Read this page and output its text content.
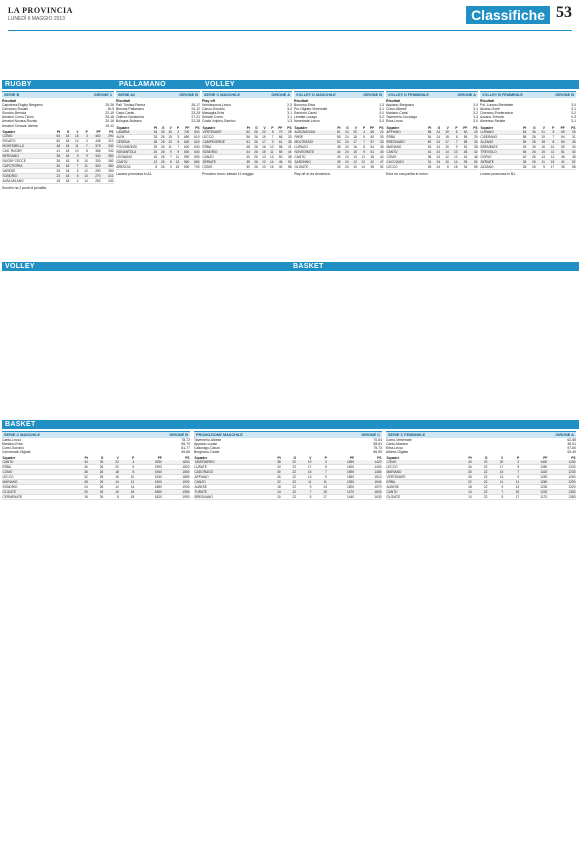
LA PROVINCIA
LUNEDÌ 6 MAGGIO 2013	Classifiche 53
RUGBY	PALLAMANO	VOLLEY
VOLLEY	BASKET
BASKET
SERIE B	GIRONE 1
Risultati
Capoterra-Rugby Bergamo	29-26
Cernusco-Rovato	16-9
Sondrio-Brescia	22-19
Amatori Como-Ticino	20-18
Amatori Novara-Rovato	20-16
Amatori Cenova-Varese	15-12
Squadre	Pt	G	V	P	PF	PS
COMO	64	18	15	3	460	290
ROVATO	60	18	14	4	445	310
MONTEBELLO	46	18	11	7	375	330
CAS. RUGBY	41	18	10	8	366	340
BERGAMO	38	18	9	9	340	350
RUGBY CECCE	36	18	8	10	330	360
CAPOTERRA	30	18	7	11	300	380
VARESE	28	18	6	12	290	390
SONDRIO	23	18	5	13	270	410
ALBA MILANO	18	18	4	14	250	430
Sondrio ha 2 punti di penalità.
SERIE A2	GIRONE B
Risultati
Pall. Tonisia-Parma	26-17
Brescia-Pallamano	24-12
Carpi-Cantù	23-25
Oderzo-Nonantola	27-21
Bologna-Bolzano	22-28
Squadre	Pt	G	V	P	PF	PS
LAVARIA	34	26	16	2	700	600
ALPA	33	26	15	3	690	610
CESENA	28	26	13	5	640	620
POGGIBONSI	25	26	11	7	620	630
NONANTOLA	20	26	9	9	600	640
LEGNANO	16	26	7	11	590	650
CANTÙ	12	26	5	13	560	680
BRESCIA	8	26	3	15	530	700
Lavaria promossa in A1.
SERIE C MASCHILE	GIRONE A
Play off
Verolanuova-Lecco	2-3
Canzo-Sondrio	3-0
Missaglia-Erba	3-1
Seriate-Como	3-1
Costa Volpino-Sarnico	1-3
Squadre	Pt	G	V	P	PF	PS
VERTEMATE	60	26	20	6	70	28
LECCO	56	26	19	7	66	33
CAMPEVERDE	51	26	17	9	61	38
ERBA	48	26	16	10	58	41
SONDRIO	44	26	15	11	55	44
CANZO	40	26	13	13	50	48
SERIATE	35	26	12	14	45	52
COMO	30	26	10	16	40	58
Prossimo turno: sabato 11 maggio.
VOLLEY D MASCHILE	GIRONE B
Risultati
Bonomo-Erba	1-3
Pro Olgiate-Vimercate	3-1
Saronno-Cantù	3-0
Lentate-Lurago	3-2
Novedrate-Lecco	3-0
Squadre	Pt	G	V	P	PF	PS
ALBOSAGGIA	61	24	20	4	66	22
PARE	55	24	18	6	60	30
MOLTRASIO	52	24	17	7	57	33
LURAGO	48	24	16	8	54	36
NOVEDRATE	44	24	15	9	51	40
CANTÙ	40	24	13	11	46	44
SARONNO	35	24	12	12	42	47
OLGIATE	30	24	10	14	38	52
Play off al via domenica.
VOLLEY D FEMMINILE	GIRONE A
Risultati
Appiano-Bregnano	3-0
Como-Albese	3-1
Mariano-Cantù	3-2
Tavernerio-Cucciago	1-3
Erba-Lecco	3-0
Squadre	Pt	G	V	P	PF	PS
APPIANO	58	24	19	5	62	25
ERBA	54	24	18	6	59	29
BREGNANO	50	24	17	7	55	33
MARIANO	45	24	15	9	52	38
CANTÙ	41	24	14	10	48	42
COMO	36	24	12	12	43	46
CUCCIAGO	31	24	10	14	39	50
LECCO	26	24	8	16	34	55
Erba ha una partita in meno.
VOLLEY B FEMMINILE	GIRONE B
Risultati
Pol. Lurano-Brembate	3-0
Alzano-Gorle	3-1
Ciserano-Ponteranica	3-2
Azzano-Treviolo	0-3
Almenno-Seriate	3-1
Squadre	Pt	G	V	P	PF	PS
LURANO	63	26	21	5	69	25
CISERANO	58	26	19	7	64	31
ALZANO	54	26	18	8	60	35
BREMBATE	49	26	16	10	55	40
TREVIOLO	45	26	15	11	51	44
GORLE	40	26	13	13	46	48
SERIATE	35	26	11	15	41	52
AZZANO	28	26	9	17	35	58
Lurano promossa in B1.
SERIE C MASCHILE	GIRONE B
Cantù-Lecco	78-72
Mariano-Erba	65-70
Como-Sondrio	81-77
Cermenate-Olgiate	69-66
Squadre	Pt	G	V	P	PF	PS
CANTÙ	44	26	22	4	2050	1800
ERBA	40	26	20	6	1990	1820
COMO	36	26	18	8	1960	1850
LECCO	32	26	16	10	1930	1880
MARIANO	28	26	14	12	1900	1900
SONDRIO	24	26	12	14	1880	1930
OLGIATE	20	26	10	16	1850	1960
CERMENATE	16	26	8	18	1820	1990
PROMOZIONE MASCHILE	GIRONE C
Tavernerio-Albese	70-64
Appiano-Lurate	58-61
Cadorago-Canzo	75-73
Bregnano-Turate	66-59
Squadre	Pt	G	V	P	PF	PS
TAVERNERIO	38	22	19	3	1650	1420
LURATE	34	22	17	5	1620	1450
CADORAGO	30	22	15	7	1590	1480
APPIANO	26	22	13	9	1560	1510
CANZO	22	22	11	11	1530	1540
ALBESE	18	22	9	13	1500	1570
TURATE	14	22	7	15	1470	1600
BREGNANO	10	22	5	17	1440	1630
SERIE C FEMMINILE	GIRONE A
Como-Vertemate	62-55
Cantù-Mariano	48-51
Erba-Lecco	57-60
Albese-Olgiate	53-49
Squadre	Pt	G	V	P	PF	PS
COMO	40	22	20	2	1400	1150
LECCO	34	22	17	5	1350	1200
MARIANO	30	22	15	7	1320	1230
VERTEMATE	26	22	13	9	1290	1260
ERBA	22	22	11	11	1260	1290
ALBESE	18	22	9	13	1230	1320
CANTÙ	14	22	7	15	1200	1350
OLGIATE	10	22	5	17	1170	1380
